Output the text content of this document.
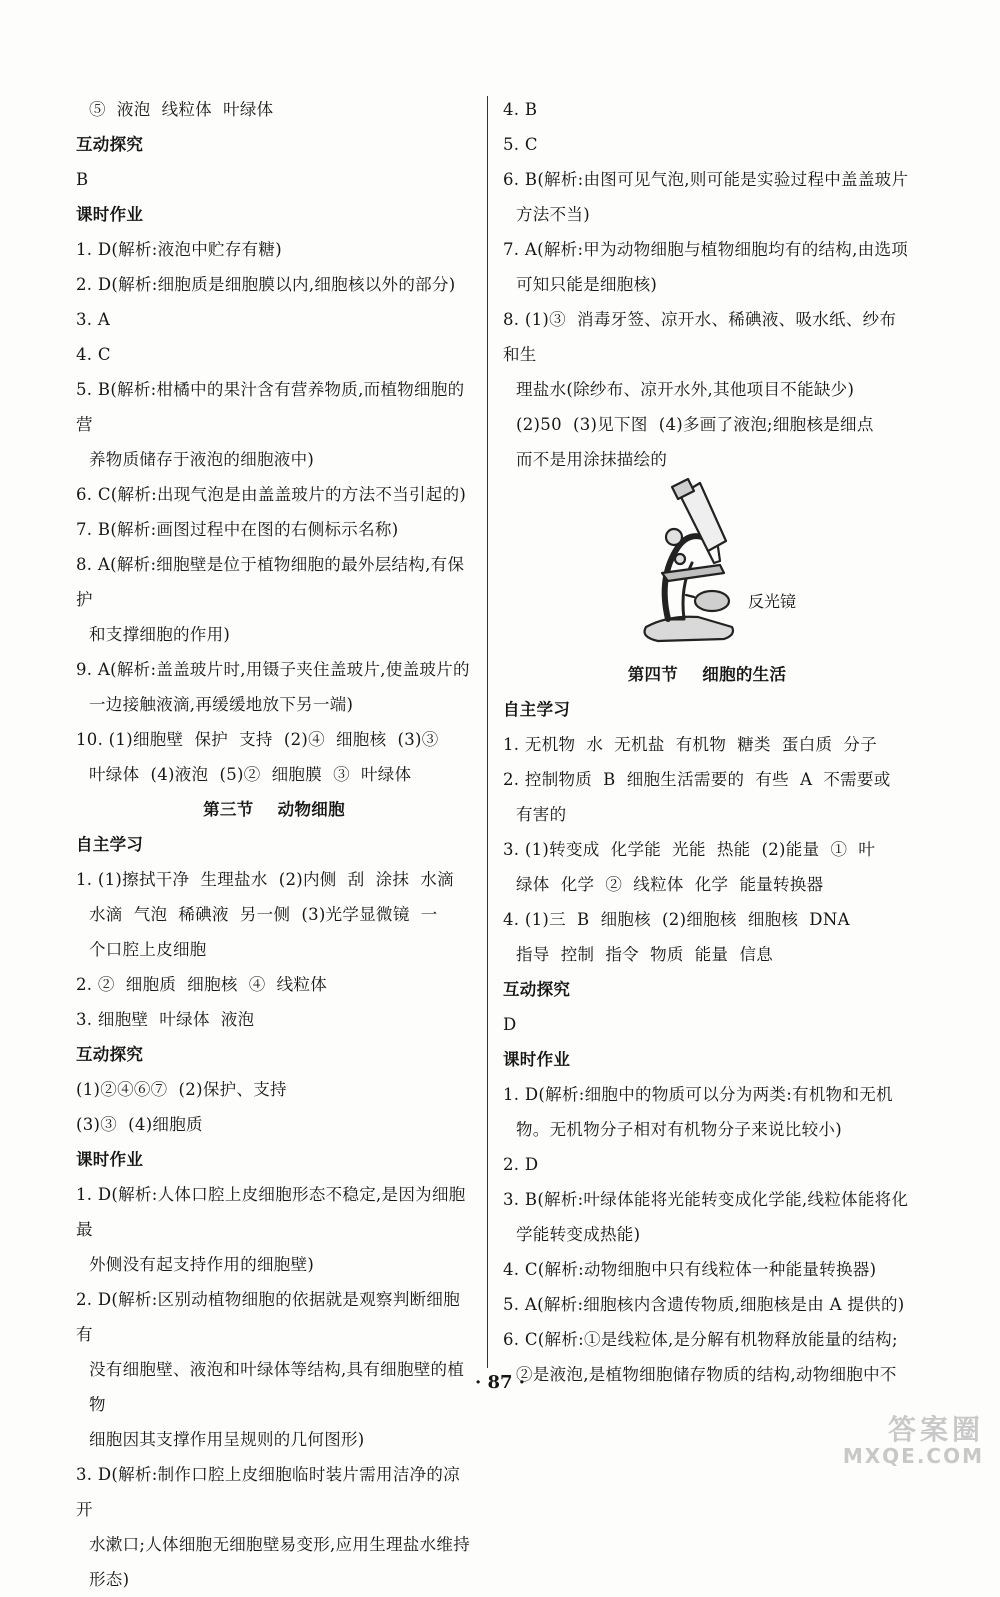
⑤  液泡  线粒体  叶绿体
互动探究
B
课时作业
1. D(解析:液泡中贮存有糖)
2. D(解析:细胞质是细胞膜以内,细胞核以外的部分)
3. A
4. C
5. B(解析:柑橘中的果汁含有营养物质,而植物细胞的营
养物质储存于液泡的细胞液中)
6. C(解析:出现气泡是由盖盖玻片的方法不当引起的)
7. B(解析:画图过程中在图的右侧标示名称)
8. A(解析:细胞壁是位于植物细胞的最外层结构,有保护
和支撑细胞的作用)
9. A(解析:盖盖玻片时,用镊子夹住盖玻片,使盖玻片的
一边接触液滴,再缓缓地放下另一端)
10. (1)细胞壁  保护  支持  (2)④  细胞核  (3)③
叶绿体  (4)液泡  (5)②  细胞膜  ③  叶绿体
第三节    动物细胞
自主学习
1. (1)擦拭干净  生理盐水  (2)内侧  刮  涂抹  水滴
水滴  气泡  稀碘液  另一侧  (3)光学显微镜  一
个口腔上皮细胞
2. ②  细胞质  细胞核  ④  线粒体
3. 细胞壁  叶绿体  液泡
互动探究
(1)②④⑥⑦  (2)保护、支持
(3)③  (4)细胞质
课时作业
1. D(解析:人体口腔上皮细胞形态不稳定,是因为细胞最
外侧没有起支持作用的细胞壁)
2. D(解析:区别动植物细胞的依据就是观察判断细胞有
没有细胞壁、液泡和叶绿体等结构,具有细胞壁的植物
细胞因其支撑作用呈规则的几何图形)
3. D(解析:制作口腔上皮细胞临时装片需用洁净的凉开
水漱口;人体细胞无细胞壁易变形,应用生理盐水维持
形态)
4. B
5. C
6. B(解析:由图可见气泡,则可能是实验过程中盖盖玻片
方法不当)
7. A(解析:甲为动物细胞与植物细胞均有的结构,由选项
可知只能是细胞核)
8. (1)③  消毒牙签、凉开水、稀碘液、吸水纸、纱布和生
理盐水(除纱布、凉开水外,其他项目不能缺少)
(2)50  (3)见下图  (4)多画了液泡;细胞核是细点
而不是用涂抹描绘的
反光镜
第四节    细胞的生活
自主学习
1. 无机物  水  无机盐  有机物  糖类  蛋白质  分子
2. 控制物质  B  细胞生活需要的  有些  A  不需要或
有害的
3. (1)转变成  化学能  光能  热能  (2)能量  ①  叶
绿体  化学  ②  线粒体  化学  能量转换器
4. (1)三  B  细胞核  (2)细胞核  细胞核  DNA
指导  控制  指令  物质  能量  信息
互动探究
D
课时作业
1. D(解析:细胞中的物质可以分为两类:有机物和无机
物。无机物分子相对有机物分子来说比较小)
2. D
3. B(解析:叶绿体能将光能转变成化学能,线粒体能将化
学能转变成热能)
4. C(解析:动物细胞中只有线粒体一种能量转换器)
5. A(解析:细胞核内含遗传物质,细胞核是由 A 提供的)
6. C(解析:①是线粒体,是分解有机物释放能量的结构;
②是液泡,是植物细胞储存物质的结构,动物细胞中不
· 87 ·
答案圈
MXQE.COM
